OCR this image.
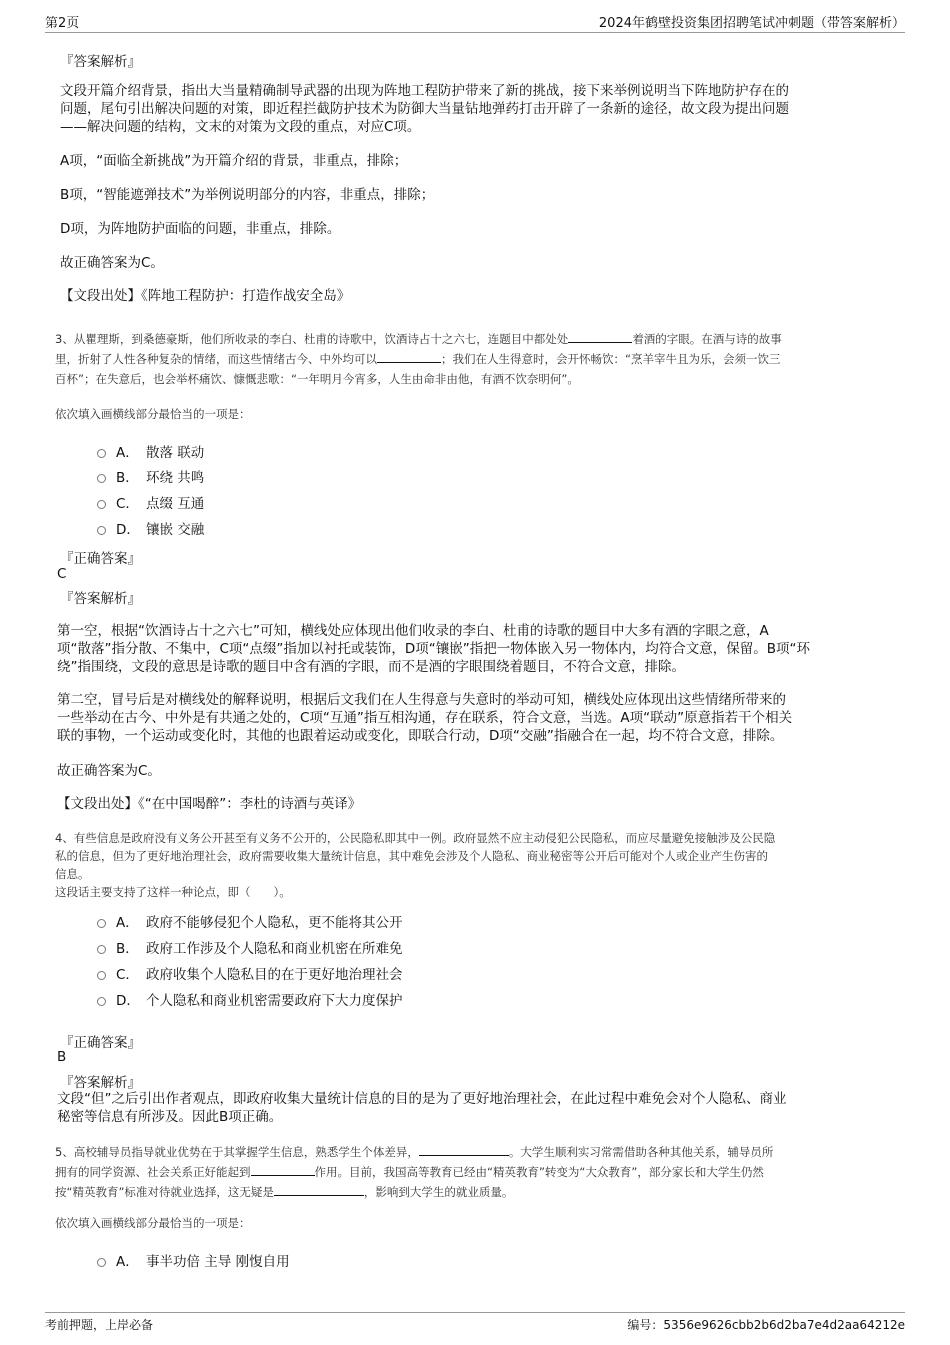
第2页	2024年鹤壁投资集团招聘笔试冲刺题（带答案解析）
『答案解析』
文段开篇介绍背景，指出大当量精确制导武器的出现为阵地工程防护带来了新的挑战，接下来举例说明当下阵地防护存在的
问题，尾句引出解决问题的对策，即近程拦截防护技术为防御大当量钻地弹药打击开辟了一条新的途径，故文段为提出问题
——解决问题的结构，文末的对策为文段的重点，对应C项。
A项，“面临全新挑战”为开篇介绍的背景，非重点，排除；
B项，“智能遮弹技术”为举例说明部分的内容，非重点，排除；
D项，为阵地防护面临的问题，非重点，排除。
故正确答案为C。
【文段出处】《阵地工程防护：打造作战安全岛》
3、从瞿理斯，到桑德豪斯，他们所收录的李白、杜甫的诗歌中，饮酒诗占十之六七，连题目中都处处	着酒的字眼。在酒与诗的故事
里，折射了人性各种复杂的情绪，而这些情绪古今、中外均可以	；我们在人生得意时，会开怀畅饮：“烹羊宰牛且为乐，会须一饮三
百杯”；在失意后，也会举杯痛饮、慷慨悲歌：“一年明月今宵多，人生由命非由他，有酒不饮奈明何”。
依次填入画横线部分最恰当的一项是：
A． 散落 联动
B． 环绕 共鸣
C． 点缀 互通
D． 镶嵌 交融
『正确答案』
C
『答案解析』
第一空，根据“饮酒诗占十之六七”可知，横线处应体现出他们收录的李白、杜甫的诗歌的题目中大多有酒的字眼之意，A
项“散落”指分散、不集中，C项“点缀”指加以衬托或装饰，D项“镶嵌”指把一物体嵌入另一物体内，均符合文意，保留。B项“环
绕”指围绕，文段的意思是诗歌的题目中含有酒的字眼，而不是酒的字眼围绕着题目，不符合文意，排除。
第二空，冒号后是对横线处的解释说明，根据后文我们在人生得意与失意时的举动可知，横线处应体现出这些情绪所带来的
一些举动在古今、中外是有共通之处的，C项“互通”指互相沟通，存在联系，符合文意，当选。A项“联动”原意指若干个相关
联的事物，一个运动或变化时，其他的也跟着运动或变化，即联合行动，D项“交融”指融合在一起，均不符合文意，排除。
故正确答案为C。
【文段出处】《“在中国喝醉”：李杜的诗酒与英译》
4、有些信息是政府没有义务公开甚至有义务不公开的，公民隐私即其中一例。政府显然不应主动侵犯公民隐私，而应尽量避免接触涉及公民隐
私的信息，但为了更好地治理社会，政府需要收集大量统计信息，其中难免会涉及个人隐私、商业秘密等公开后可能对个人或企业产生伤害的
信息。
这段话主要支持了这样一种论点，即（　　）。
A． 政府不能够侵犯个人隐私，更不能将其公开
B． 政府工作涉及个人隐私和商业机密在所难免
C． 政府收集个人隐私目的在于更好地治理社会
D． 个人隐私和商业机密需要政府下大力度保护
『正确答案』
B
『答案解析』
文段“但”之后引出作者观点，即政府收集大量统计信息的目的是为了更好地治理社会，在此过程中难免会对个人隐私、商业
秘密等信息有所涉及。因此B项正确。
5、高校辅导员指导就业优势在于其掌握学生信息，熟悉学生个体差异，	。大学生顺利实习常需借助各种其他关系，辅导员所
拥有的同学资源、社会关系正好能起到	作用。目前，我国高等教育已经由“精英教育”转变为“大众教育”，部分家长和大学生仍然
按“精英教育”标准对待就业选择，这无疑是	，影响到大学生的就业质量。
依次填入画横线部分最恰当的一项是：
A． 事半功倍 主导 刚愎自用
考前押题，上岸必备	编号：5356e9626cbb2b6d2ba7e4d2aa64212e
